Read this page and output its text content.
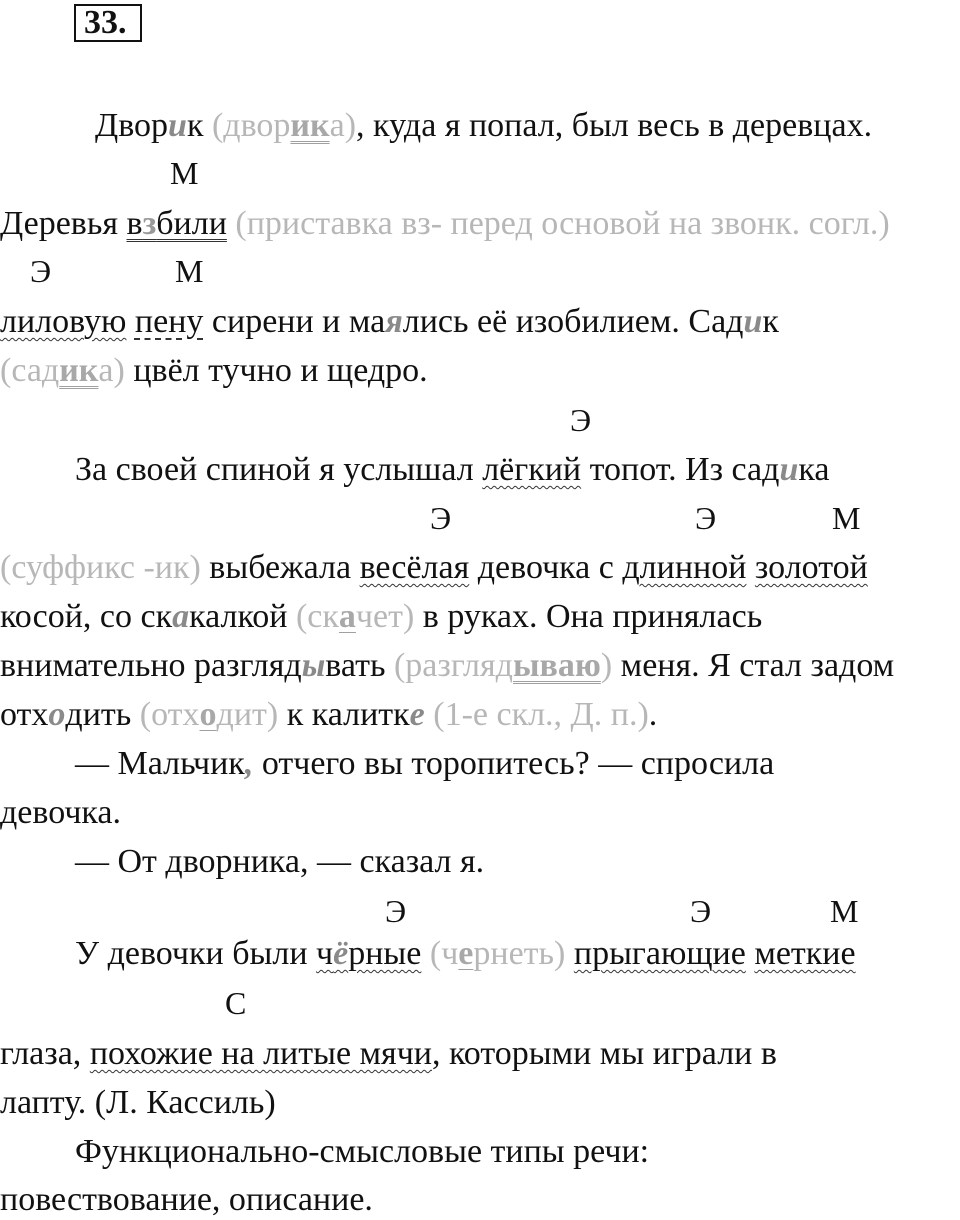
33.
Дворик (дворика), куда я попал, был весь в деревцах.
М
Деревья взбили (приставка вз- перед основой на звонк. согл.)
Э	М
лиловую пену сирени и маялись её изобилием. Садик
(садика) цвёл тучно и щедро.
Э
За своей спиной я услышал лёгкий топот. Из садика
Э	Э	М
(суффикс -ик) выбежала весёлая девочка с длинной золотой
косой, со скакалкой (скачет) в руках. Она принялась
внимательно разглядывать (разглядываю) меня. Я стал задом
отходить (отходит) к калитке (1-е скл., Д. п.).
— Мальчик, отчего вы торопитесь? — спросила
девочка.
— От дворника, — сказал я.
Э	Э	М
У девочки были чёрные (чернеть) прыгающие меткие
С
глаза, похожие на литые мячи, которыми мы играли в
лапту. (Л. Кассиль)
Функционально-смысловые типы речи:
повествование, описание.
